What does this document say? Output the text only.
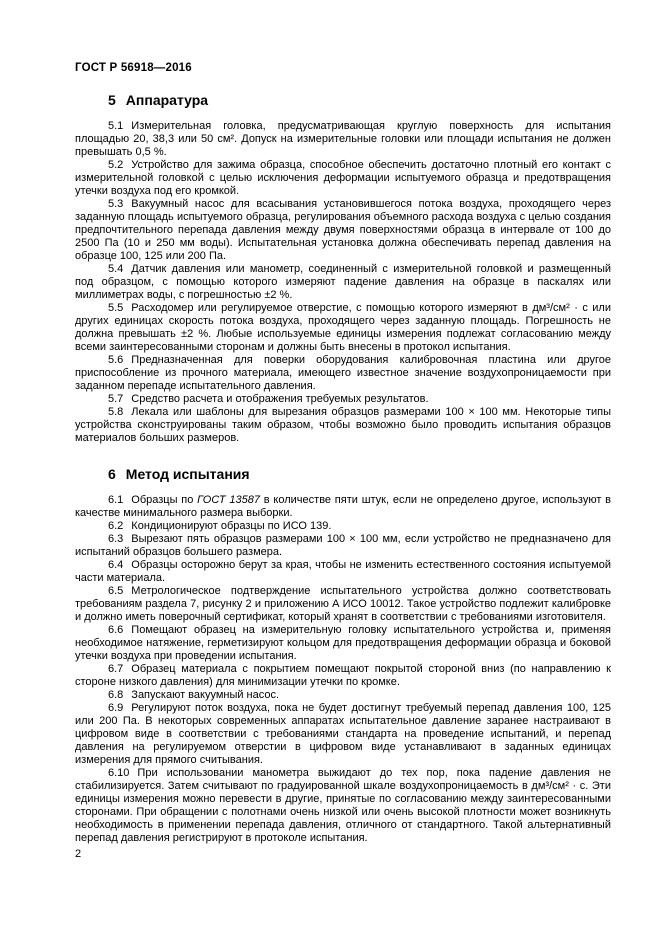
ГОСТ Р 56918—2016
5 Аппаратура

5.1 Измерительная головка, предусматривающая круглую поверхность для испытания площадью 20, 38,3 или 50 см². Допуск на измерительные головки или площади испытания не должен превышать 0,5 %.

5.2 Устройство для зажима образца, способное обеспечить достаточно плотный его контакт с измерительной головкой с целью исключения деформации испытуемого образца и предотвращения утечки воздуха под его кромкой.

5.3 Вакуумный насос для всасывания установившегося потока воздуха, проходящего через заданную площадь испытуемого образца, регулирования объемного расхода воздуха с целью создания предпочтительного перепада давления между двумя поверхностями образца в интервале от 100 до 2500 Па (10 и 250 мм воды). Испытательная установка должна обеспечивать перепад давления на образце 100, 125 или 200 Па.

5.4 Датчик давления или манометр, соединенный с измерительной головкой и размещенный под образцом, с помощью которого измеряют падение давления на образце в паскалях или миллиметрах воды, с погрешностью ±2 %.

5.5 Расходомер или регулируемое отверстие, с помощью которого измеряют в дм³/см² · с или других единицах скорость потока воздуха, проходящего через заданную площадь. Погрешность не должна превышать ±2 %. Любые используемые единицы измерения подлежат согласованию между всеми заинтересованными сторонам и должны быть внесены в протокол испытания.

5.6 Предназначенная для поверки оборудования калибровочная пластина или другое приспособление из прочного материала, имеющего известное значение воздухопроницаемости при заданном перепаде испытательного давления.

5.7 Средство расчета и отображения требуемых результатов.

5.8 Лекала или шаблоны для вырезания образцов размерами 100 × 100 мм. Некоторые типы устройства сконструированы таким образом, чтобы возможно было проводить испытания образцов материалов больших размеров.

6 Метод испытания

6.1 Образцы по ГОСТ 13587 в количестве пяти штук, если не определено другое, используют в качестве минимального размера выборки.

6.2 Кондиционируют образцы по ИСО 139.

6.3 Вырезают пять образцов размерами 100 × 100 мм, если устройство не предназначено для испытаний образцов большего размера.

6.4 Образцы осторожно берут за края, чтобы не изменить естественного состояния испытуемой части материала.

6.5 Метрологическое подтверждение испытательного устройства должно соответствовать требованиям раздела 7, рисунку 2 и приложению А ИСО 10012. Такое устройство подлежит калибровке и должно иметь поверочный сертификат, который хранят в соответствии с требованиями изготовителя.

6.6 Помещают образец на измерительную головку испытательного устройства и, применяя необходимое натяжение, герметизируют кольцом для предотвращения деформации образца и боковой утечки воздуха при проведении испытания.

6.7 Образец материала с покрытием помещают покрытой стороной вниз (по направлению к стороне низкого давления) для минимизации утечки по кромке.

6.8 Запускают вакуумный насос.

6.9 Регулируют поток воздуха, пока не будет достигнут требуемый перепад давления 100, 125 или 200 Па. В некоторых современных аппаратах испытательное давление заранее настраивают в цифровом виде в соответствии с требованиями стандарта на проведение испытаний, и перепад давления на регулируемом отверстии в цифровом виде устанавливают в заданных единицах измерения для прямого считывания.

6.10 При использовании манометра выжидают до тех пор, пока падение давления не стабилизируется. Затем считывают по градуированной шкале воздухопроницаемость в дм³/см² · с. Эти единицы измерения можно перевести в другие, принятые по согласованию между заинтересованными сторонами. При обращении с полотнами очень низкой или очень высокой плотности может возникнуть необходимость в применении перепада давления, отличного от стандартного. Такой альтернативный перепад давления регистрируют в протоколе испытания.

2
